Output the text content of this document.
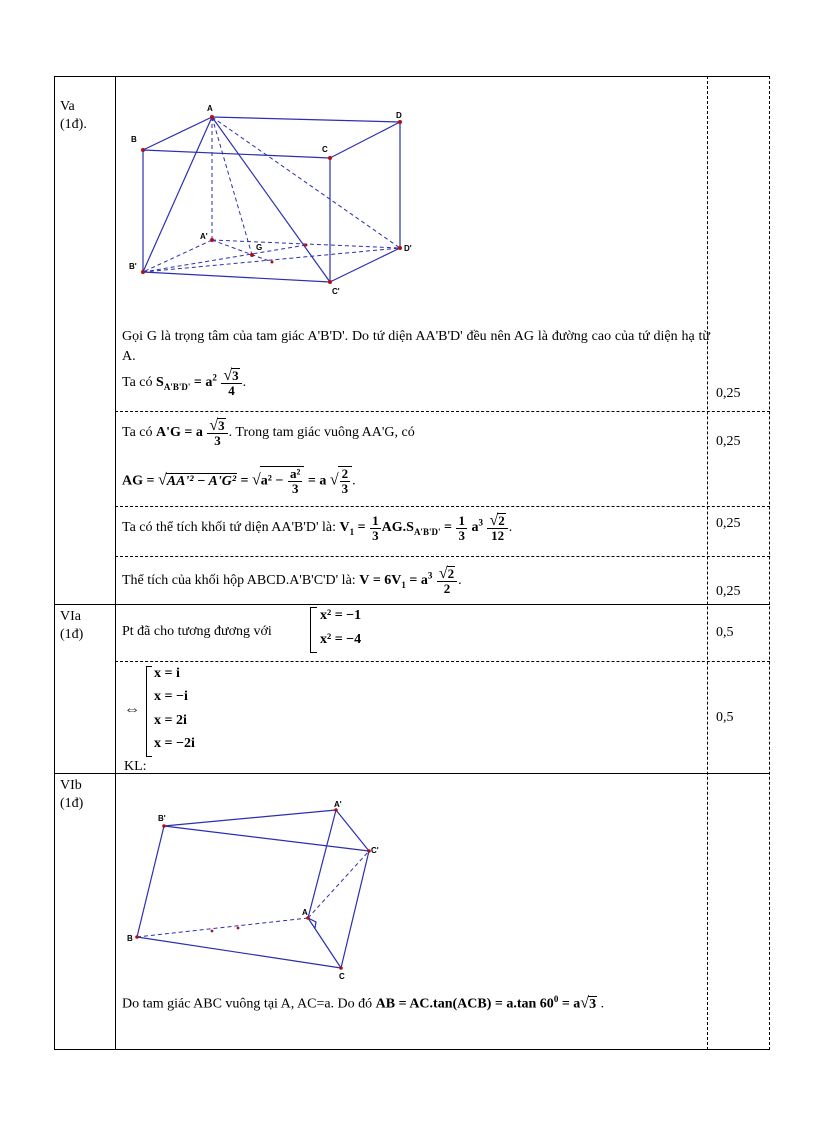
Va
(1đ).
VIa
(1đ)
VIb
(1đ)
A
B
C
D
A'
B'
C'
D'
G
Gọi G là trọng tâm của tam giác A'B'D'. Do tứ diện AA'B'D' đều nên AG là đường cao của tứ diện hạ từ A.
Ta có $S_{A'B'D'} = a^2 \frac{√3}{4}$ .
0,25
Ta có A'G = a $\frac{√3}{3}$ . Trong tam giác vuông AA'G, có
0,25
AG = $√AA'^2 - A'G^2 = √a^2 - \frac{\text{a²}}{3} = a$ √ $\frac{2}{3}$ .
Ta có thể tích khối tứ diện AA'B'D' là: $V_1 = \frac{1}{3} AG.S_{A'B'D'} = \frac{1}{3} a^3 \frac{√2}{12}$ .	0,25
Thể tích của khối hộp ABCD.A'B'C'D' là: $V = 6V_1 = a^3 \frac{√2}{2}$ .
0,25
Pt đã cho tương đương với
x² = −1
x² = −4	0,5
⇔
x = i
x = −i
x = 2i
x = −2i
KL:
0,5
B'
A'
C'
A
B
C
Do tam giác ABC vuông tại A, AC=a. Do đó AB = AC.tan(ACB) = a.tan $60^0 = a√3$ .
